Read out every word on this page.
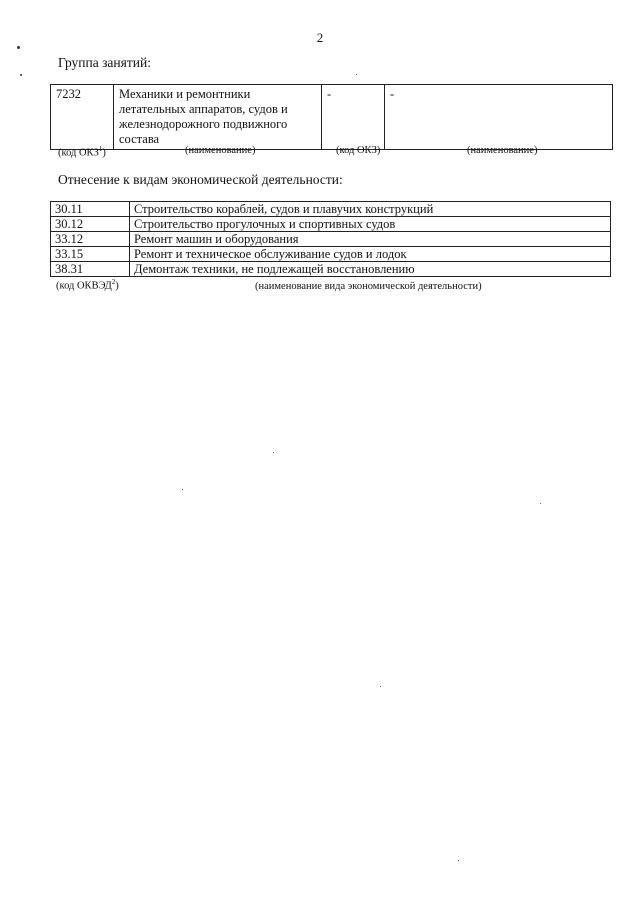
2
Группа занятий:
7232	Механики и ремонтники летательных аппаратов, судов и железнодорожного подвижного состава	-	-
(код ОКЗ$^1$)	(наименование)	(код ОКЗ)	(наименование)
Отнесение к видам экономической деятельности:
30.11	Строительство кораблей, судов и плавучих конструкций
30.12	Строительство прогулочных и спортивных судов
33.12	Ремонт машин и оборудования
33.15	Ремонт и техническое обслуживание судов и лодок
38.31	Демонтаж техники, не подлежащей восстановлению
(код ОКВЭД$^2$)	(наименование вида экономической деятельности)
